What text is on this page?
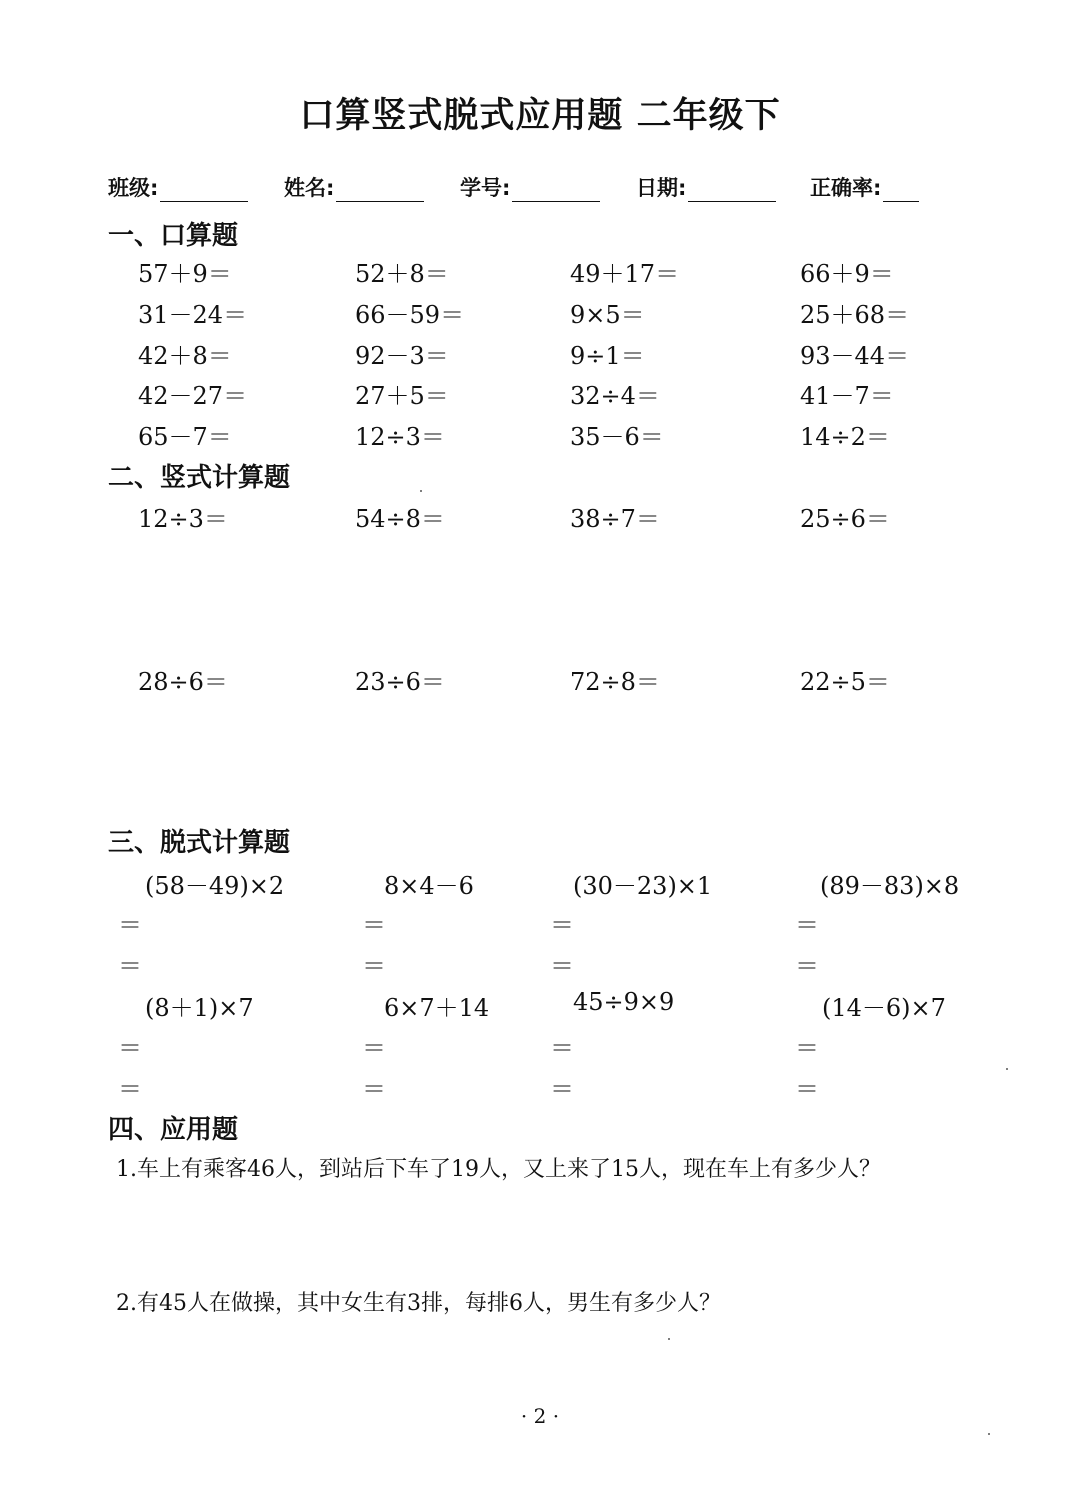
口算竖式脱式应用题 二年级下
班级:	姓名:	学号:	日期:	正确率:
一、口算题
57＋9＝	52＋8＝	49＋17＝	66＋9＝
31－24＝	66－59＝	9×5＝	25＋68＝
42＋8＝	92－3＝	9÷1＝	93－44＝
42－27＝	27＋5＝	32÷4＝	41－7＝
65－7＝	12÷3＝	35－6＝	14÷2＝
二、竖式计算题
12÷3＝	54÷8＝	38÷7＝	25÷6＝
28÷6＝	23÷6＝	72÷8＝	22÷5＝
三、脱式计算题
(58－49)×2	8×4－6	(30－23)×1	(89－83)×8
＝	＝	＝	＝
＝	＝	＝	＝
(8＋1)×7	6×7＋14	45÷9×9	(14－6)×7
＝	＝	＝	＝
＝	＝	＝	＝
四、应用题
1.车上有乘客46人，到站后下车了19人，又上来了15人，现在车上有多少人？
2.有45人在做操，其中女生有3排，每排6人，男生有多少人？
· 2 ·
